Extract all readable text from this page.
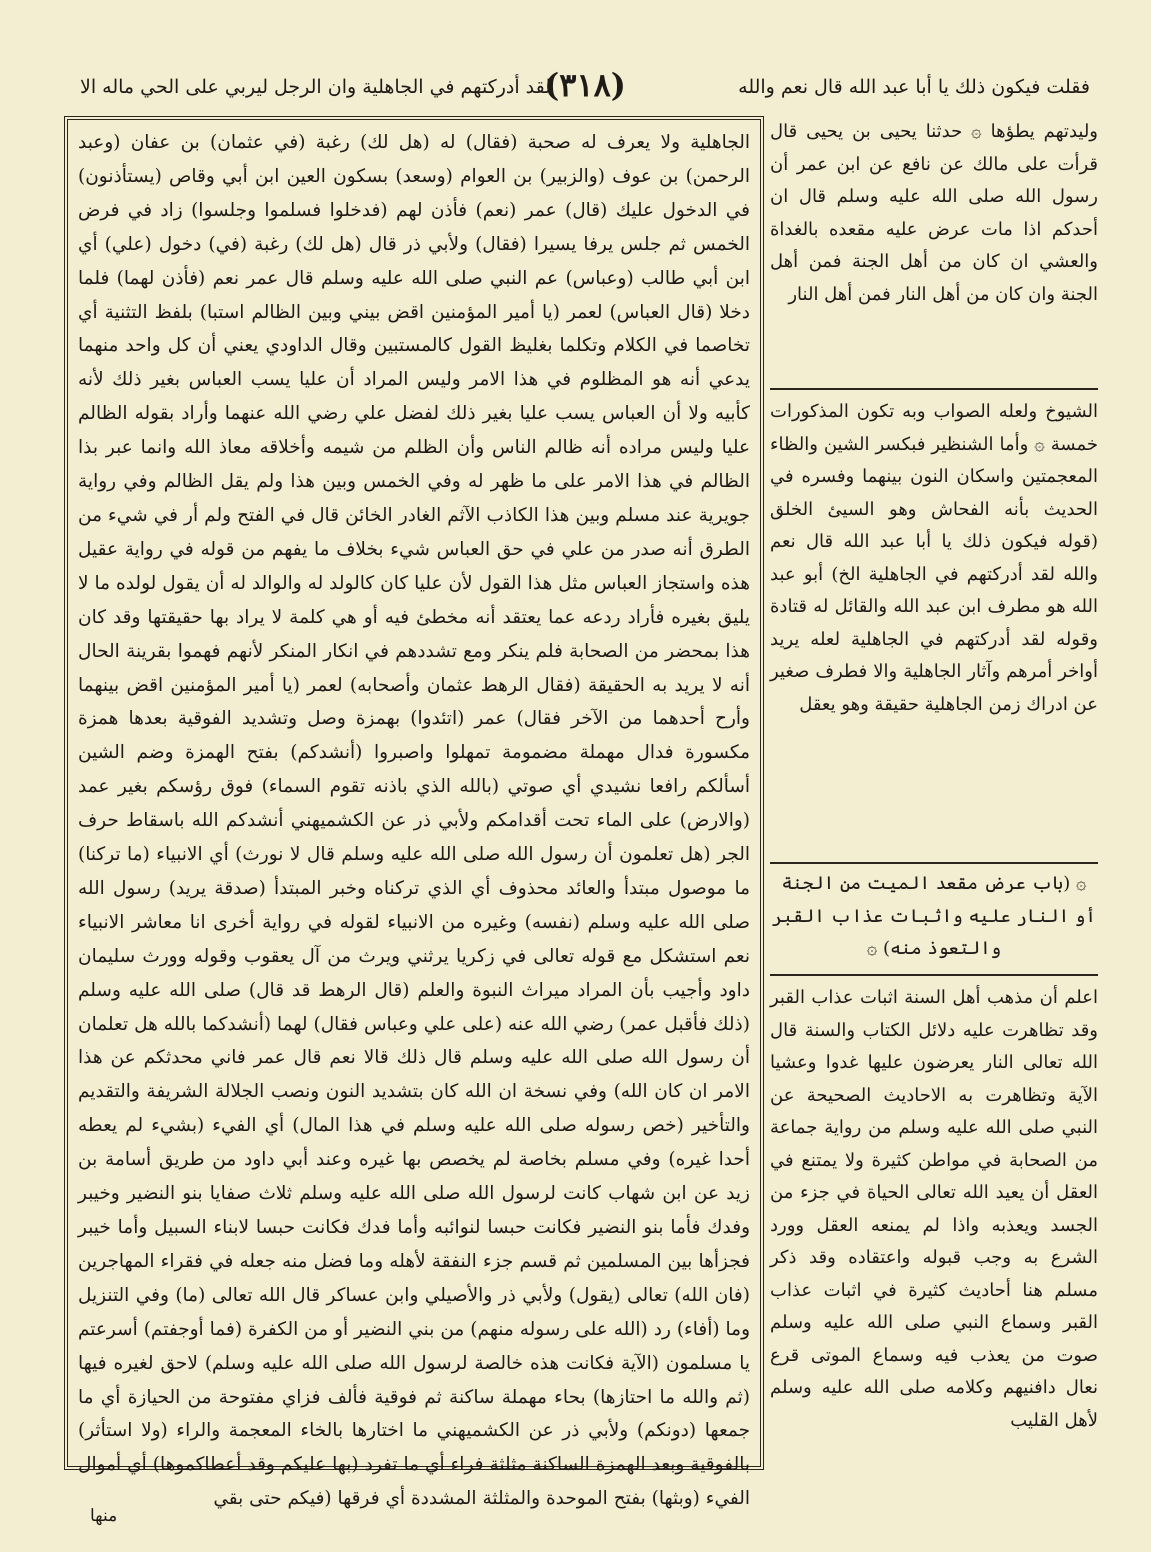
فقلت فيكون ذلك يا أبا عبد الله قال نعم والله
(٣١٨)
لقد أدركتهم في الجاهلية وان الرجل ليربي على الحي ماله الا

الجاهلية ولا يعرف له صحبة (فقال) له (هل لك) رغبة (في عثمان) بن عفان (وعبد الرحمن) بن عوف (والزبير) بن العوام (وسعد) بسكون العين ابن أبي وقاص (يستأذنون) في الدخول عليك (قال) عمر (نعم) فأذن لهم (فدخلوا فسلموا وجلسوا) زاد في فرض الخمس ثم جلس يرفا يسيرا (فقال) ولأبي ذر قال (هل لك) رغبة (في) دخول (علي) أي ابن أبي طالب (وعباس) عم النبي صلى الله عليه وسلم قال عمر نعم (فأذن لهما) فلما دخلا (قال العباس) لعمر (يا أمير المؤمنين اقض بيني وبين الظالم استبا) بلفظ التثنية أي تخاصما في الكلام وتكلما بغليظ القول كالمستبين وقال الداودي يعني أن كل واحد منهما يدعي أنه هو المظلوم في هذا الامر وليس المراد أن عليا يسب العباس بغير ذلك لأنه كأبيه ولا أن العباس يسب عليا بغير ذلك لفضل علي رضي الله عنهما وأراد بقوله الظالم عليا وليس مراده أنه ظالم الناس وأن الظلم من شيمه وأخلاقه معاذ الله وانما عبر بذا الظالم في هذا الامر على ما ظهر له وفي الخمس وبين هذا ولم يقل الظالم وفي رواية جويرية عند مسلم وبين هذا الكاذب الآثم الغادر الخائن قال في الفتح ولم أر في شيء من الطرق أنه صدر من علي في حق العباس شيء بخلاف ما يفهم من قوله في رواية عقيل هذه واستجاز العباس مثل هذا القول لأن عليا كان كالولد له والوالد له أن يقول لولده ما لا يليق بغيره فأراد ردعه عما يعتقد أنه مخطئ فيه أو هي كلمة لا يراد بها حقيقتها وقد كان هذا بمحضر من الصحابة فلم ينكر ومع تشددهم في انكار المنكر لأنهم فهموا بقرينة الحال أنه لا يريد به الحقيقة (فقال الرهط عثمان وأصحابه) لعمر (يا أمير المؤمنين اقض بينهما وأرح أحدهما من الآخر فقال) عمر (اتئدوا) بهمزة وصل وتشديد الفوقية بعدها همزة مكسورة فدال مهملة مضمومة تمهلوا واصبروا (أنشدكم) بفتح الهمزة وضم الشين أسألكم رافعا نشيدي أي صوتي (بالله الذي باذنه تقوم السماء) فوق رؤسكم بغير عمد (والارض) على الماء تحت أقدامكم ولأبي ذر عن الكشميهني أنشدكم الله باسقاط حرف الجر (هل تعلمون أن رسول الله صلى الله عليه وسلم قال لا نورث) أي الانبياء (ما تركنا) ما موصول مبتدأ والعائد محذوف أي الذي تركناه وخبر المبتدأ (صدقة يريد) رسول الله صلى الله عليه وسلم (نفسه) وغيره من الانبياء لقوله في رواية أخرى انا معاشر الانبياء نعم استشكل مع قوله تعالى في زكريا يرثني ويرث من آل يعقوب وقوله وورث سليمان داود وأجيب بأن المراد ميراث النبوة والعلم (قال الرهط قد قال) صلى الله عليه وسلم (ذلك فأقبل عمر) رضي الله عنه (على علي وعباس فقال) لهما (أنشدكما بالله هل تعلمان أن رسول الله صلى الله عليه وسلم قال ذلك قالا نعم قال عمر فاني محدثكم عن هذا الامر ان كان الله) وفي نسخة ان الله كان بتشديد النون ونصب الجلالة الشريفة والتقديم والتأخير (خص رسوله صلى الله عليه وسلم في هذا المال) أي الفيء (بشيء لم يعطه أحدا غيره) وفي مسلم بخاصة لم يخصص بها غيره وعند أبي داود من طريق أسامة بن زيد عن ابن شهاب كانت لرسول الله صلى الله عليه وسلم ثلاث صفايا بنو النضير وخيبر وفدك فأما بنو النضير فكانت حبسا لنوائبه وأما فدك فكانت حبسا لابناء السبيل وأما خيبر فجزأها بين المسلمين ثم قسم جزء النفقة لأهله وما فضل منه جعله في فقراء المهاجرين (فان الله) تعالى (يقول) ولأبي ذر والأصيلي وابن عساكر قال الله تعالى (ما) وفي التنزيل وما (أفاء) رد (الله على رسوله منهم) من بني النضير أو من الكفرة (فما أوجفتم) أسرعتم يا مسلمون (الآية فكانت هذه خالصة لرسول الله صلى الله عليه وسلم) لاحق لغيره فيها (ثم والله ما احتازها) بحاء مهملة ساكنة ثم فوقية فألف فزاي مفتوحة من الحيازة أي ما جمعها (دونكم) ولأبي ذر عن الكشميهني ما اختارها بالخاء المعجمة والراء (ولا استأثر) بالفوقية وبعد الهمزة الساكنة مثلثة فراء أي ما تفرد (بها عليكم وقد أعطاكموها) أي أموال الفيء (وبثها) بفتح الموحدة والمثلثة المشددة أي فرقها (فيكم حتى بقي

وليدتهم يطؤها ۞ حدثنا يحيى بن يحيى قال قرأت على مالك عن نافع عن ابن عمر أن رسول الله صلى الله عليه وسلم قال ان أحدكم اذا مات عرض عليه مقعده بالغداة والعشي ان كان من أهل الجنة فمن أهل الجنة وان كان من أهل النار فمن أهل النار

الشيوخ ولعله الصواب وبه تكون المذكورات خمسة ۞ وأما الشنظير فبكسر الشين والظاء المعجمتين واسكان النون بينهما وفسره في الحديث بأنه الفحاش وهو السيئ الخلق (قوله فيكون ذلك يا أبا عبد الله قال نعم والله لقد أدركتهم في الجاهلية الخ) أبو عبد الله هو مطرف ابن عبد الله والقائل له قتادة وقوله لقد أدركتهم في الجاهلية لعله يريد أواخر أمرهم وآثار الجاهلية والا فطرف صغير عن ادراك زمن الجاهلية حقيقة وهو يعقل

۞ (باب عرض مقعد الميت من الجنة أو النار عليه واثبات عذاب القبر والتعوذ منه) ۞

اعلم أن مذهب أهل السنة اثبات عذاب القبر وقد تظاهرت عليه دلائل الكتاب والسنة قال الله تعالى النار يعرضون عليها غدوا وعشيا الآية وتظاهرت به الاحاديث الصحيحة عن النبي صلى الله عليه وسلم من رواية جماعة من الصحابة في مواطن كثيرة ولا يمتنع في العقل أن يعيد الله تعالى الحياة في جزء من الجسد ويعذبه واذا لم يمنعه العقل وورد الشرع به وجب قبوله واعتقاده وقد ذكر مسلم هنا أحاديث كثيرة في اثبات عذاب القبر وسماع النبي صلى الله عليه وسلم صوت من يعذب فيه وسماع الموتى قرع نعال دافنيهم وكلامه صلى الله عليه وسلم لأهل القليب

منها
